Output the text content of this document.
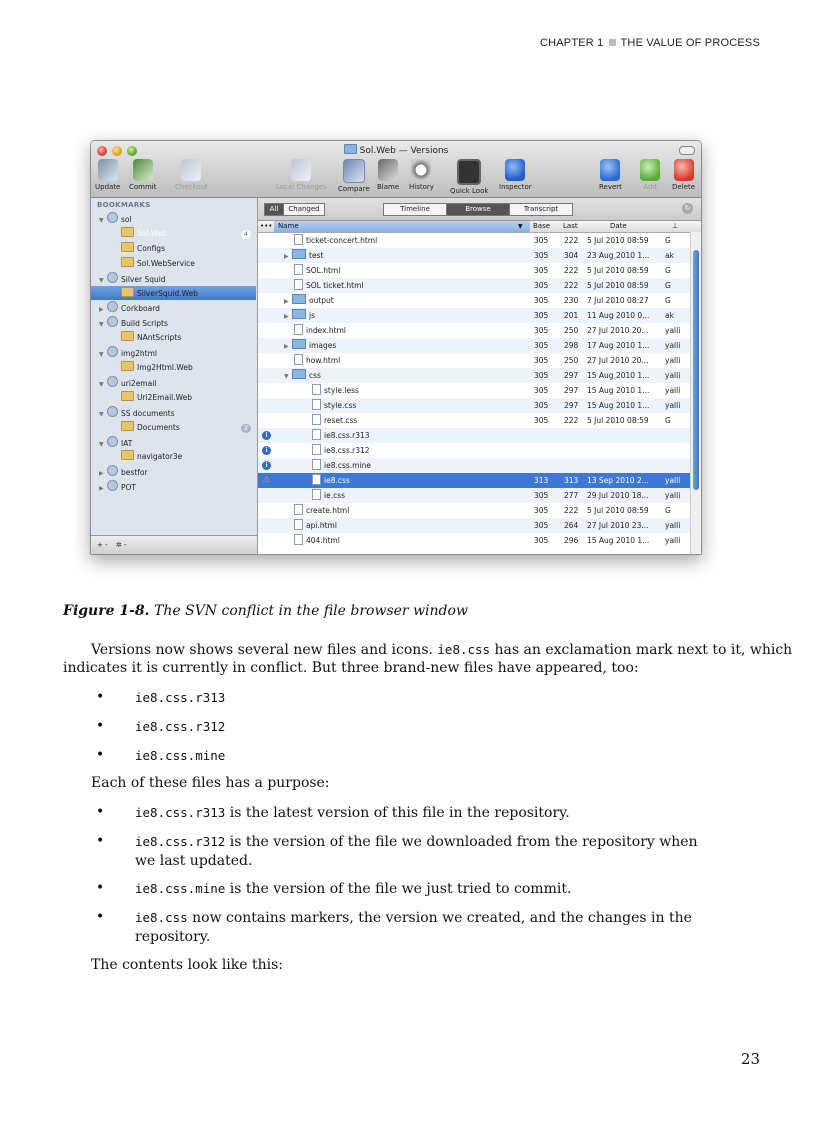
CHAPTER 1 THE VALUE OF PROCESS
Sol.Web — Versions
Update Commit	Checkout	Local Changes Compare Blame History Quick Look Inspector	Revert	Add	Delete
BOOKMARKS
▼ sol
Sol.Web	4
Configs
Sol.WebService
▼ Silver Squid
SilverSquid.Web
▶ Corkboard
▼ Build Scripts
NAntScripts
▼ img2html
Img2Html.Web
▼ uri2email
Uri2Email.Web
▼ SS documents
Documents	2
▼ IAT
navigator3e
▶ bestfor
▶ POT
+ - ✲ -
All	Changed	Timeline	Browse	Transcript	↻
••• Name	▼ Base Last	Date	⊥
ticket-concert.html	305 222 5 Jul 2010 08:59 G
▶	test	305 304 23 Aug 2010 1... ak
SOL.html	305 222 5 Jul 2010 08:59 G
SOL ticket.html	305 222 5 Jul 2010 08:59 G
▶	output	305 230 7 Jul 2010 08:27 G
▶	js	305 201 11 Aug 2010 0... ak
index.html	305 250 27 Jul 2010 20... yalli
▶	images	305 298 17 Aug 2010 1... yalli
how.html	305 250 27 Jul 2010 20... yalli
▼	css	305 297 15 Aug 2010 1... yalli
style.less	305 297 15 Aug 2010 1... yalli
style.css	305 297 15 Aug 2010 1... yalli
reset.css	305 222 5 Jul 2010 08:59 G
i	ie8.css.r313
i	ie8.css.r312
i	ie8.css.mine
⚠	ie8.css	313 313 13 Sep 2010 2... yalli
ie.css	305 277 29 Jul 2010 18... yalli
create.html	305 222 5 Jul 2010 08:59 G
api.html	305 264 27 Jul 2010 23... yalli
404.html	305 296 15 Aug 2010 1... yalli
Figure 1-8. The SVN conflict in the file browser window
Versions now shows several new files and icons. ie8.css has an exclamation mark next to it, which
indicates it is currently in conflict. But three brand-new files have appeared, too:
• ie8.css.r313
• ie8.css.r312
• ie8.css.mine
Each of these files has a purpose:
• ie8.css.r313 is the latest version of this file in the repository.
• ie8.css.r312 is the version of the file we downloaded from the repository when
we last updated.
• ie8.css.mine is the version of the file we just tried to commit.
• ie8.css now contains markers, the version we created, and the changes in the
repository.
The contents look like this:
23
